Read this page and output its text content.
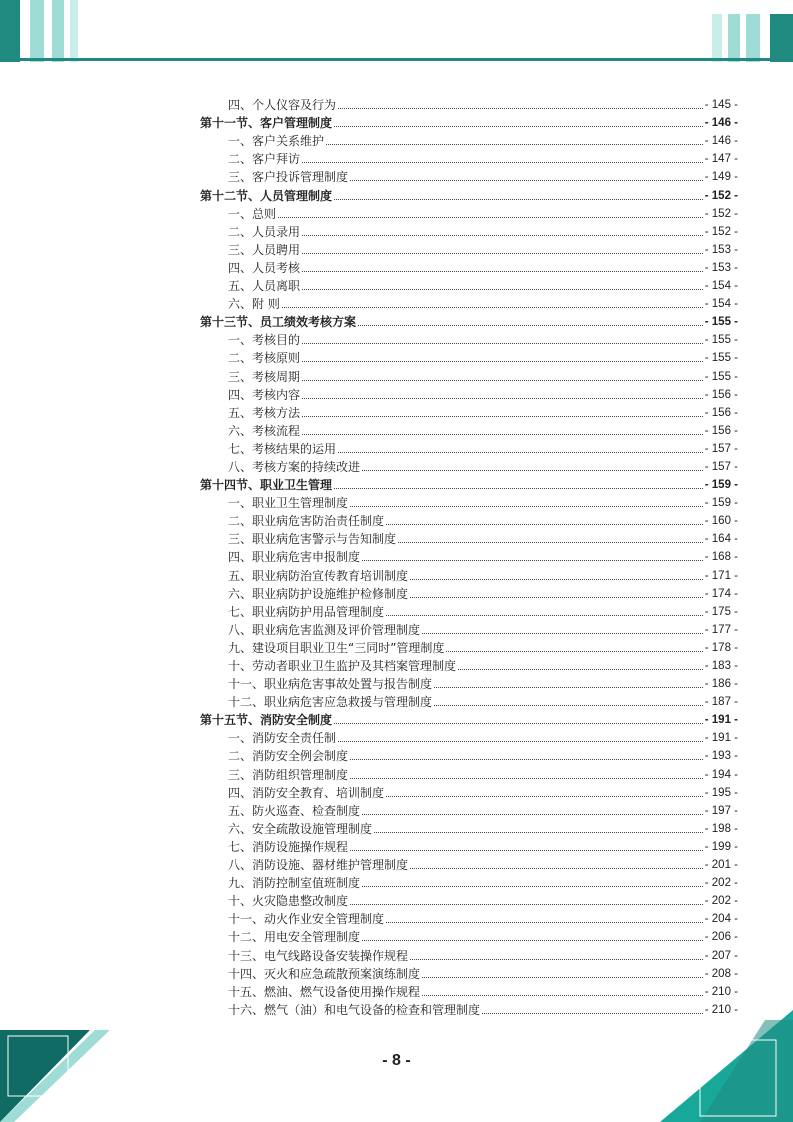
四、个人仪容及行为	- 145 -
第十一节、客户管理制度	- 146 -
一、客户关系维护	- 146 -
二、客户拜访	- 147 -
三、客户投诉管理制度	- 149 -
第十二节、人员管理制度	- 152 -
一、总则	- 152 -
二、人员录用	- 152 -
三、人员聘用	- 153 -
四、人员考核	- 153 -
五、人员离职	- 154 -
六、附 则	- 154 -
第十三节、员工绩效考核方案	- 155 -
一、考核目的	- 155 -
二、考核原则	- 155 -
三、考核周期	- 155 -
四、考核内容	- 156 -
五、考核方法	- 156 -
六、考核流程	- 156 -
七、考核结果的运用	- 157 -
八、考核方案的持续改进	- 157 -
第十四节、职业卫生管理	- 159 -
一、职业卫生管理制度	- 159 -
二、职业病危害防治责任制度	- 160 -
三、职业病危害警示与告知制度	- 164 -
四、职业病危害申报制度	- 168 -
五、职业病防治宣传教育培训制度	- 171 -
六、职业病防护设施维护检修制度	- 174 -
七、职业病防护用品管理制度	- 175 -
八、职业病危害监测及评价管理制度	- 177 -
九、建设项目职业卫生“三同时”管理制度	- 178 -
十、劳动者职业卫生监护及其档案管理制度	- 183 -
十一、职业病危害事故处置与报告制度	- 186 -
十二、职业病危害应急救援与管理制度	- 187 -
第十五节、消防安全制度	- 191 -
一、消防安全责任制	- 191 -
二、消防安全例会制度	- 193 -
三、消防组织管理制度	- 194 -
四、消防安全教育、培训制度	- 195 -
五、防火巡查、检查制度	- 197 -
六、安全疏散设施管理制度	- 198 -
七、消防设施操作规程	- 199 -
八、消防设施、器材维护管理制度	- 201 -
九、消防控制室值班制度	- 202 -
十、火灾隐患整改制度	- 202 -
十一、动火作业安全管理制度	- 204 -
十二、用电安全管理制度	- 206 -
十三、电气线路设备安装操作规程	- 207 -
十四、灭火和应急疏散预案演练制度	- 208 -
十五、燃油、燃气设备使用操作规程	- 210 -
十六、燃气（油）和电气设备的检查和管理制度	- 210 -
- 8 -
